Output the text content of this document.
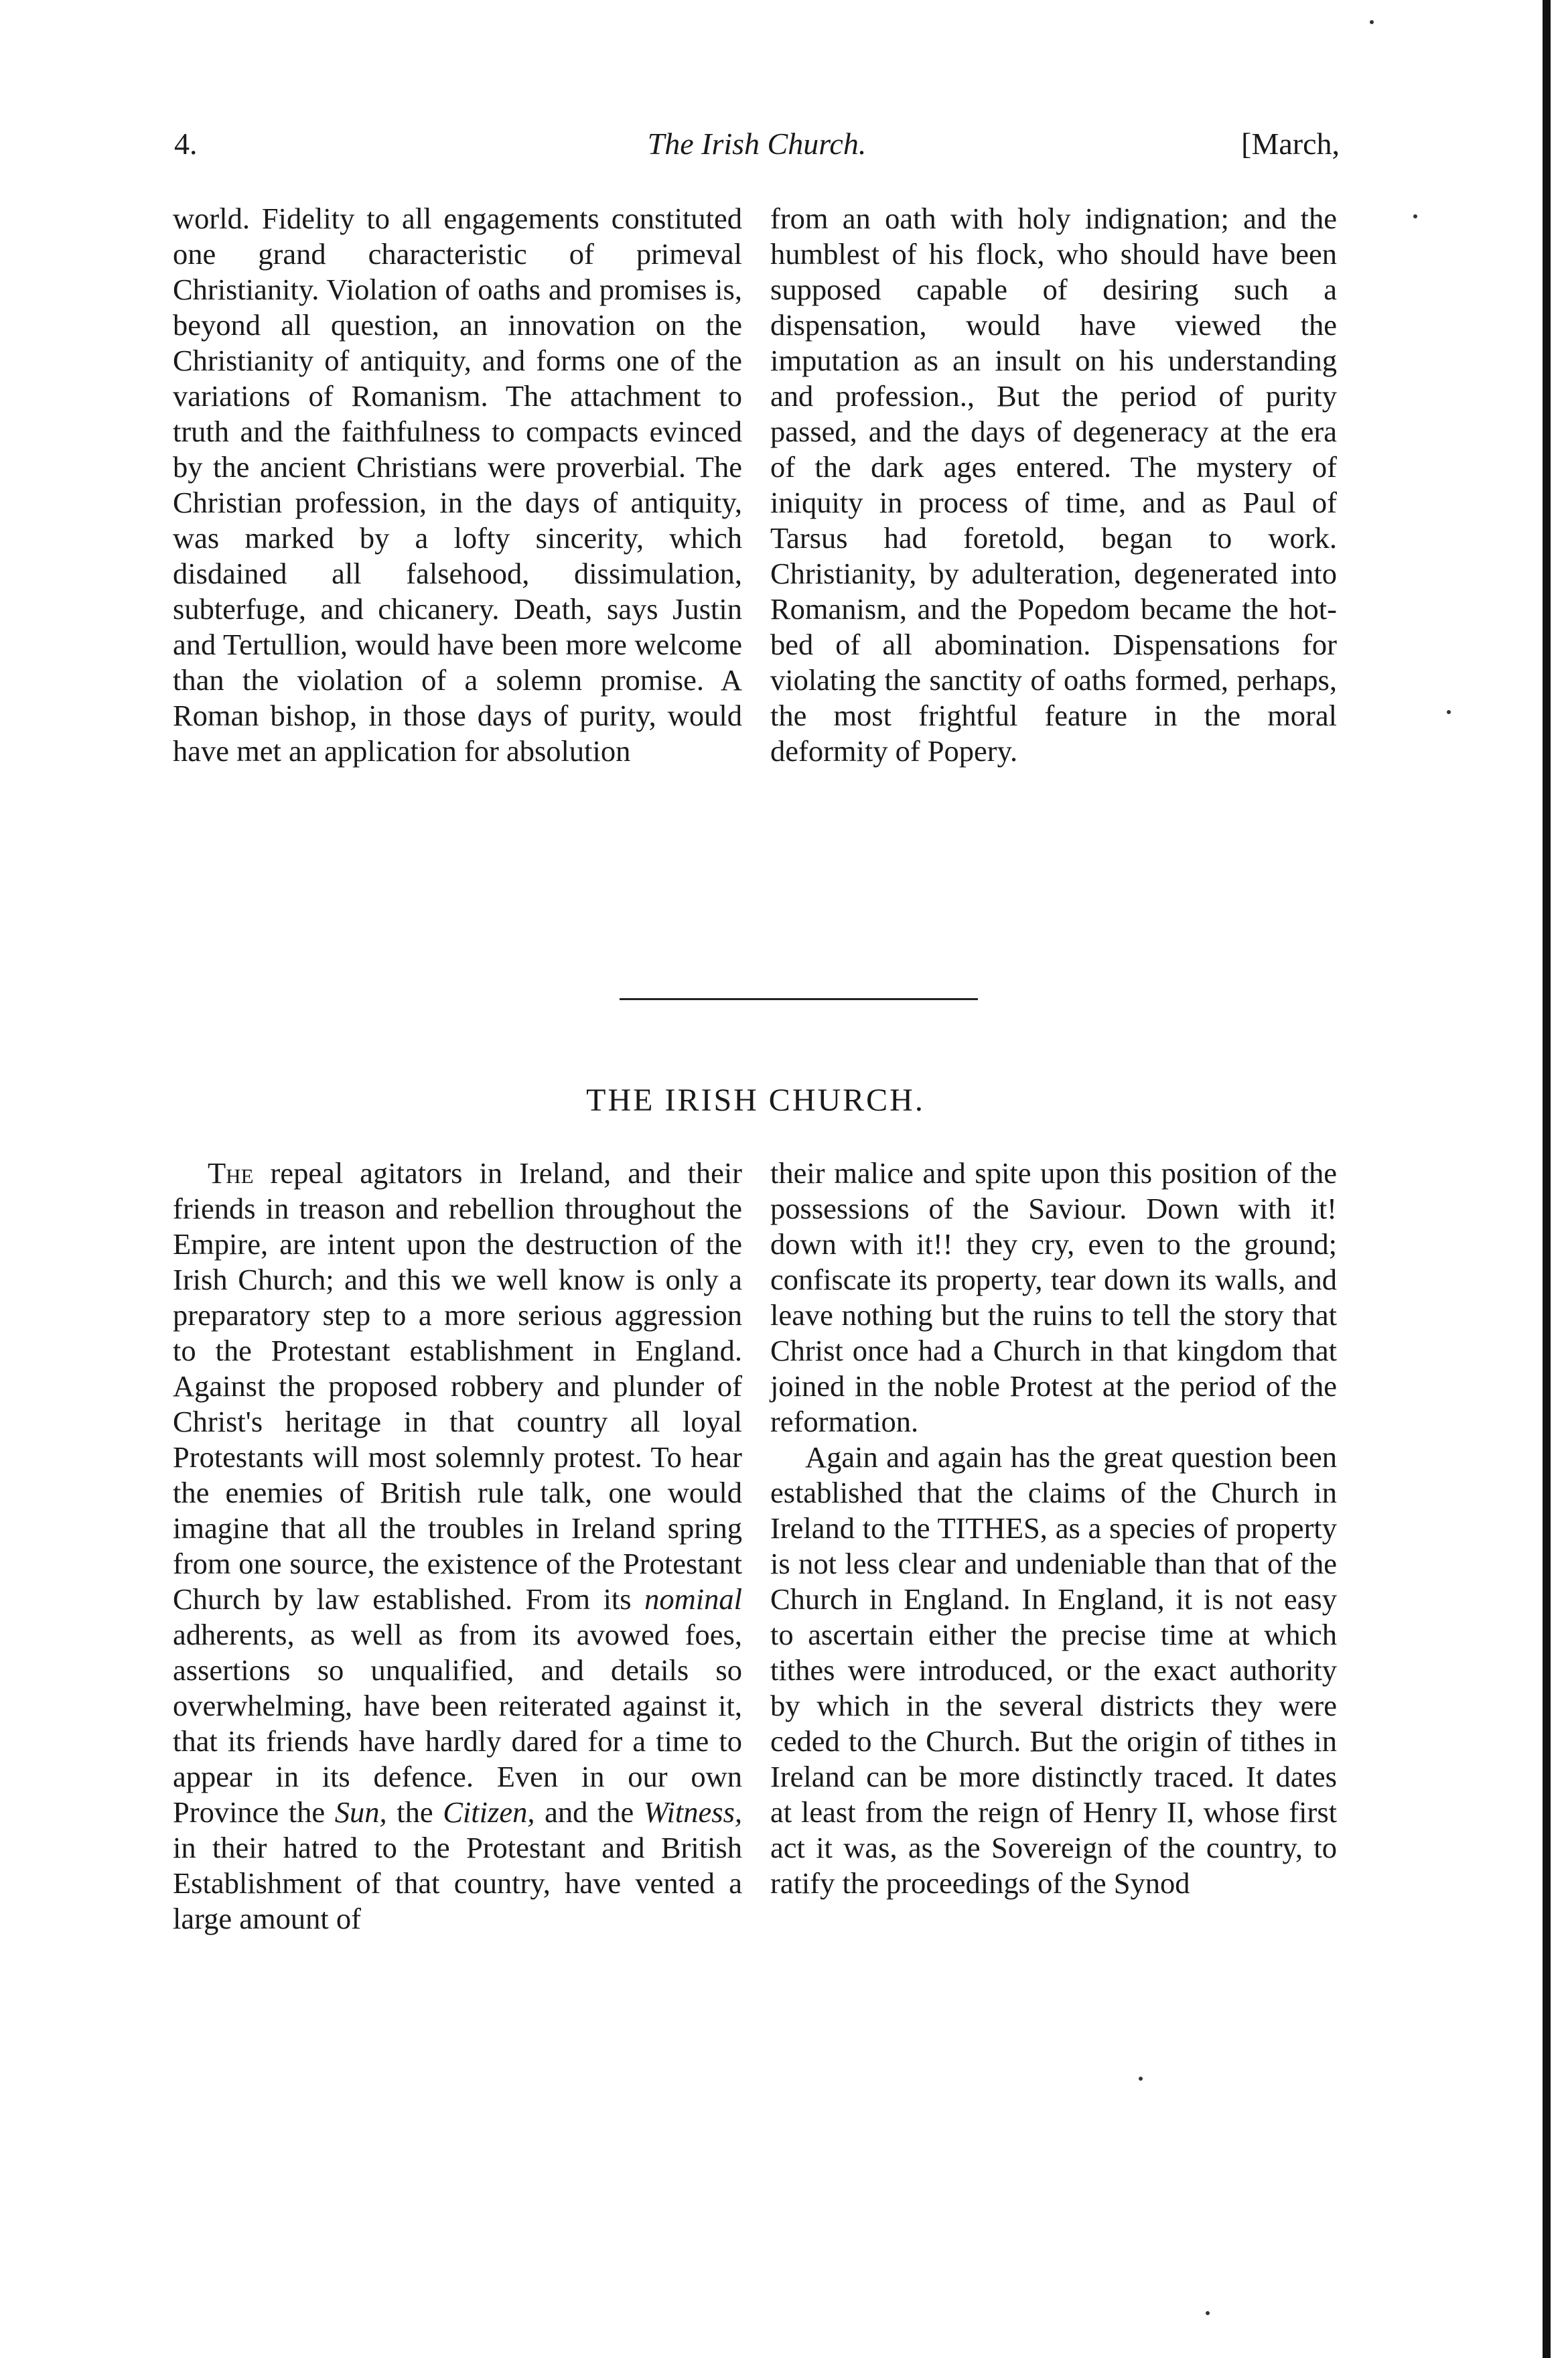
4.	The Irish Church.	[March,

world. Fidelity to all engagements constituted one grand characteristic of primeval Christianity. Violation of oaths and promises is, beyond all question, an innovation on the Christianity of antiquity, and forms one of the variations of Romanism. The attachment to truth and the faithfulness to compacts evinced by the ancient Christians were proverbial. The Christian profession, in the days of antiquity, was marked by a lofty sincerity, which disdained all falsehood, dissimulation, subterfuge, and chicanery. Death, says Justin and Tertullion, would have been more welcome than the violation of a solemn promise. A Roman bishop, in those days of purity, would have met an application for absolution

from an oath with holy indignation; and the humblest of his flock, who should have been supposed capable of desiring such a dispensation, would have viewed the imputation as an insult on his understanding and profession., But the period of purity passed, and the days of degeneracy at the era of the dark ages entered. The mystery of iniquity in process of time, and as Paul of Tarsus had foretold, began to work. Christianity, by adulteration, degenerated into Romanism, and the Popedom became the hot-bed of all abomination. Dispensations for violating the sanctity of oaths formed, perhaps, the most frightful feature in the moral deformity of Popery.

THE IRISH CHURCH.

The repeal agitators in Ireland, and their friends in treason and rebellion throughout the Empire, are intent upon the destruction of the Irish Church; and this we well know is only a preparatory step to a more serious aggression to the Protestant establishment in England. Against the proposed robbery and plunder of Christ's heritage in that country all loyal Protestants will most solemnly protest. To hear the enemies of British rule talk, one would imagine that all the troubles in Ireland spring from one source, the existence of the Protestant Church by law established. From its nominal adherents, as well as from its avowed foes, assertions so unqualified, and details so overwhelming, have been reiterated against it, that its friends have hardly dared for a time to appear in its defence. Even in our own Province the Sun, the Citizen, and the Witness, in their hatred to the Protestant and British Establishment of that country, have vented a large amount of

their malice and spite upon this position of the possessions of the Saviour. Down with it! down with it!! they cry, even to the ground; confiscate its property, tear down its walls, and leave nothing but the ruins to tell the story that Christ once had a Church in that kingdom that joined in the noble Protest at the period of the reformation.

Again and again has the great question been established that the claims of the Church in Ireland to the TITHES, as a species of property is not less clear and undeniable than that of the Church in England. In England, it is not easy to ascertain either the precise time at which tithes were introduced, or the exact authority by which in the several districts they were ceded to the Church. But the origin of tithes in Ireland can be more distinctly traced. It dates at least from the reign of Henry II, whose first act it was, as the Sovereign of the country, to ratify the proceedings of the Synod
